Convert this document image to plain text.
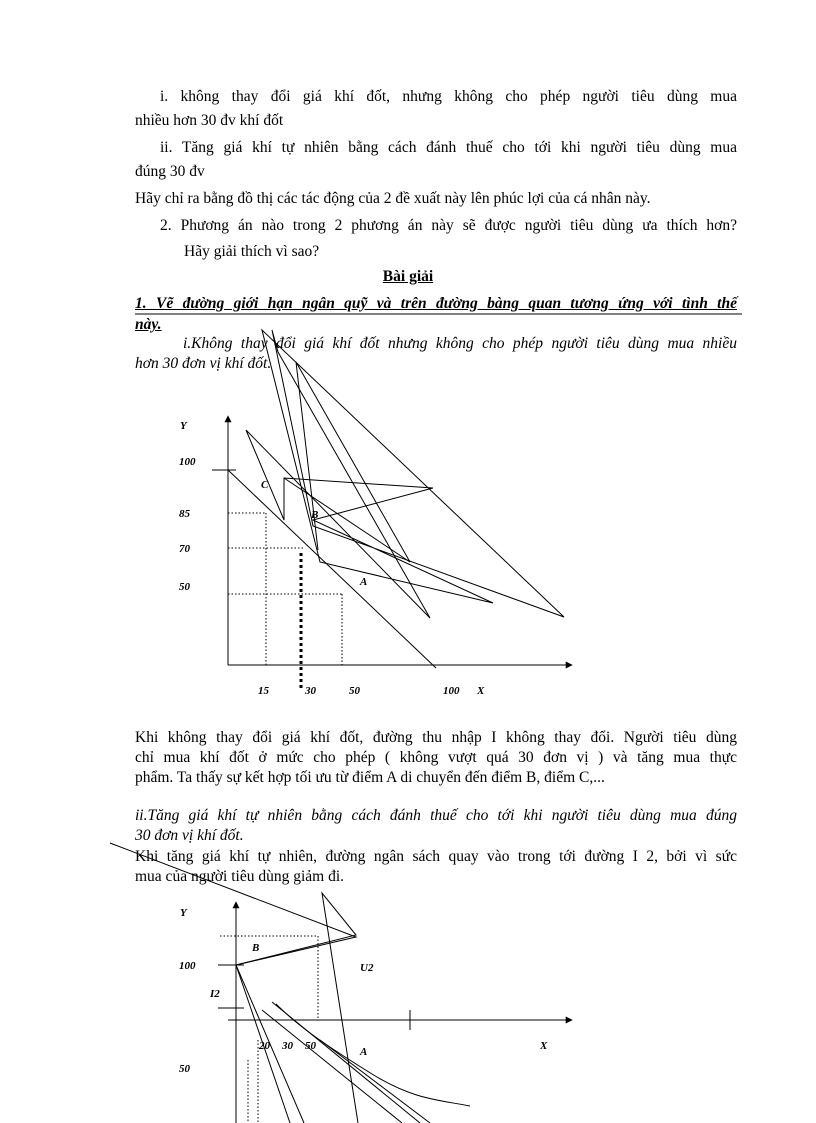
i. không thay đổi giá khí đốt, nhưng không cho phép người tiêu dùng mua
nhiều hơn 30 đv khí đốt
ii. Tăng giá khí tự nhiên bằng cách đánh thuế cho tới khi người tiêu dùng mua
đúng 30 đv
Hãy chỉ ra bằng đồ thị các tác động của 2 đề xuất này lên phúc lợi của cá nhân này.
2. Phương án nào trong 2 phương án này sẽ được người tiêu dùng ưa thích hơn?
Hãy giải thích vì sao?
Bài giải
1. Vẽ đường giới hạn ngân quỹ và trên đường bàng quan tương ứng với tình thế
này.
i.Không thay đổi giá khí đốt nhưng không cho phép người tiêu dùng mua nhiều
hơn 30 đơn vị khí đốt.
Y
100
85
70
50
15	30	50	100 X
C
B
A
Khi không thay đổi giá khí đốt, đường thu nhập I không thay đổi. Người tiêu dùng
chỉ mua khí đốt ở mức cho phép ( không vượt quá 30 đơn vị ) và tăng mua thực
phẩm. Ta thấy sự kết hợp tối ưu từ điểm A di chuyển đến điểm B, điểm C,...
ii.Tăng giá khí tự nhiên bằng cách đánh thuế cho tới khi người tiêu dùng mua đúng
30 đơn vị khí đốt.
Khi tăng giá khí tự nhiên, đường ngân sách quay vào trong tới đường I 2, bởi vì sức
mua của người tiêu dùng giảm đi.
Y
100
50
20 30 50	X
B
A
U2
I2
